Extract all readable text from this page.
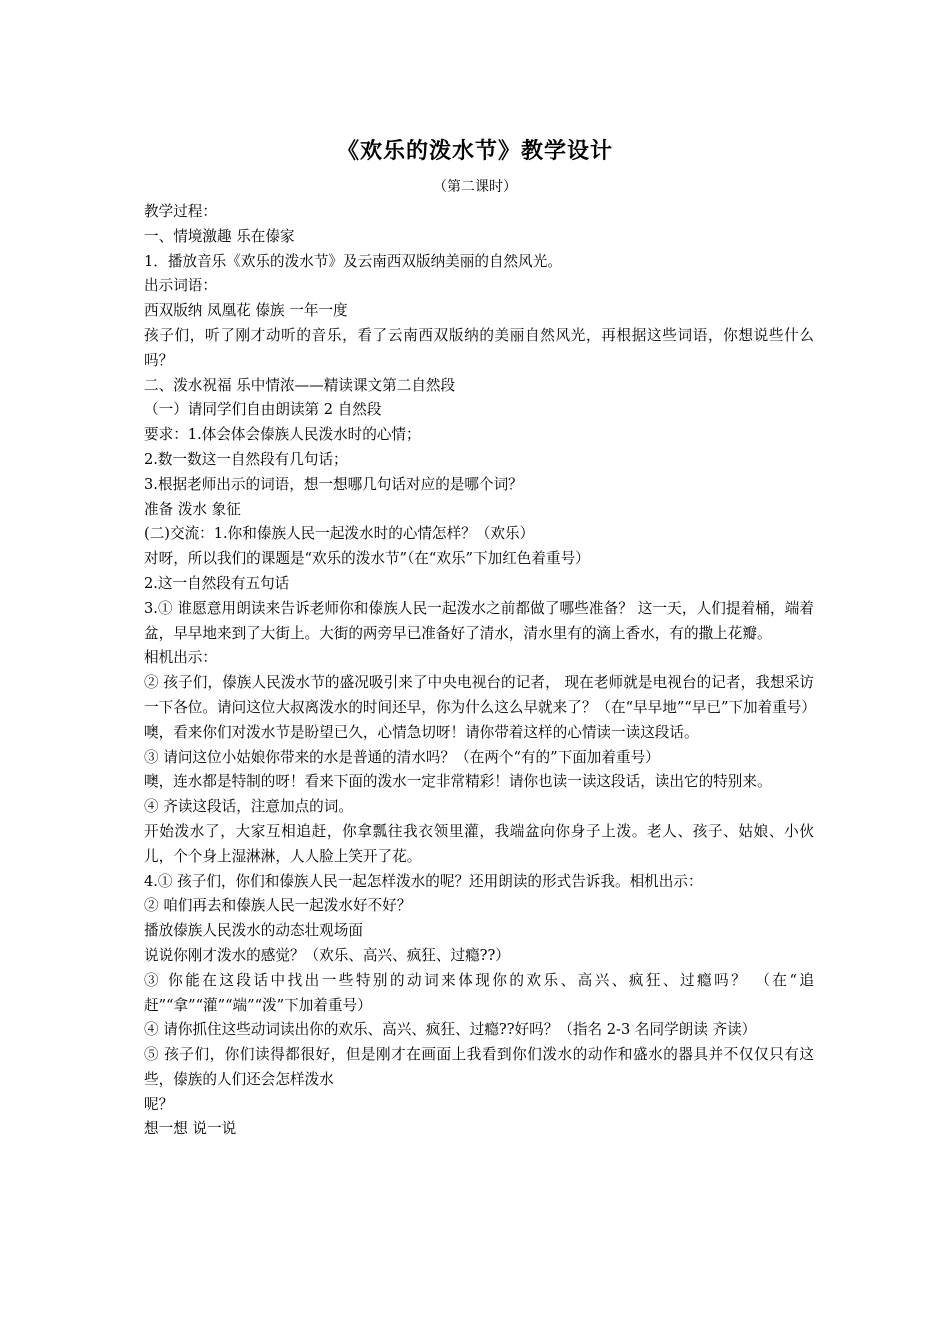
《欢乐的泼水节》教学设计
（第二课时）

教学过程：

一、情境激趣 乐在傣家

1．播放音乐《欢乐的泼水节》及云南西双版纳美丽的自然风光。

出示词语：

西双版纳 凤凰花 傣族 一年一度

孩子们，听了刚才动听的音乐，看了云南西双版纳的美丽自然风光，再根据这些词语，你想说些什么吗？

二、泼水祝福 乐中情浓——精读课文第二自然段

（一）请同学们自由朗读第 2 自然段

要求：1.体会体会傣族人民泼水时的心情；

2.数一数这一自然段有几句话；

3.根据老师出示的词语，想一想哪几句话对应的是哪个词？

准备 泼水 象征

(二)交流：1.你和傣族人民一起泼水时的心情怎样？（欢乐）

对呀，所以我们的课题是“欢乐的泼水节”（在“欢乐”下加红色着重号）

2.这一自然段有五句话

3.① 谁愿意用朗读来告诉老师你和傣族人民一起泼水之前都做了哪些准备？ 这一天，人们提着桶，端着盆，早早地来到了大街上。大街的两旁早已准备好了清水，清水里有的滴上香水，有的撒上花瓣。

相机出示：

② 孩子们，傣族人民泼水节的盛况吸引来了中央电视台的记者， 现在老师就是电视台的记者，我想采访一下各位。请问这位大叔离泼水的时间还早，你为什么这么早就来了？（在“早早地”“早已”下加着重号）

噢，看来你们对泼水节是盼望已久，心情急切呀！请你带着这样的心情读一读这段话。

③ 请问这位小姑娘你带来的水是普通的清水吗？（在两个“有的”下面加着重号）

噢，连水都是特制的呀！看来下面的泼水一定非常精彩！请你也读一读这段话，读出它的特别来。

④ 齐读这段话，注意加点的词。

开始泼水了，大家互相追赶，你拿瓢往我衣领里灌，我端盆向你身子上泼。老人、孩子、姑娘、小伙儿，个个身上湿淋淋，人人脸上笑开了花。

4.① 孩子们，你们和傣族人民一起怎样泼水的呢？还用朗读的形式告诉我。相机出示：

② 咱们再去和傣族人民一起泼水好不好？

播放傣族人民泼水的动态壮观场面

说说你刚才泼水的感觉？（欢乐、高兴、疯狂、过瘾??）

③ 你能在这段话中找出一些特别的动词来体现你的欢乐、高兴、疯狂、过瘾吗？ （在“追赶”“拿”“灌”“端”“泼”下加着重号）

④ 请你抓住这些动词读出你的欢乐、高兴、疯狂、过瘾??好吗？（指名 2-3 名同学朗读 齐读）

⑤ 孩子们，你们读得都很好，但是刚才在画面上我看到你们泼水的动作和盛水的器具并不仅仅只有这些，傣族的人们还会怎样泼水

呢？

想一想 说一说
